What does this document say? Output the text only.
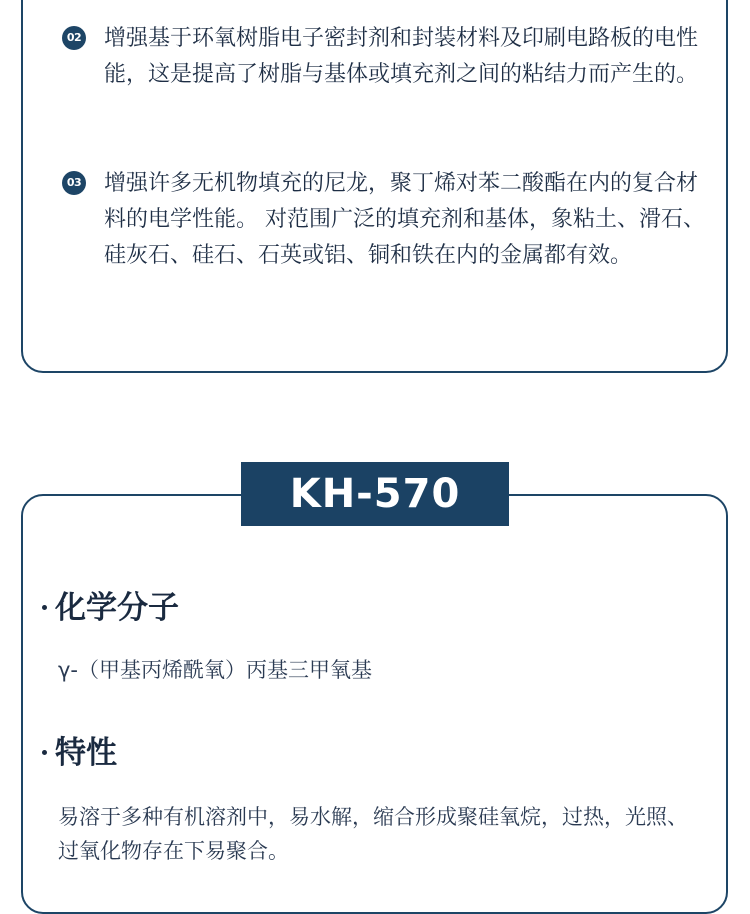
02 增强基于环氧树脂电子密封剂和封装材料及印刷电路板的电性能，这是提高了树脂与基体或填充剂之间的粘结力而产生的。
03 增强许多无机物填充的尼龙，聚丁烯对苯二酸酯在内的复合材料的电学性能。 对范围广泛的填充剂和基体，象粘土、滑石、硅灰石、硅石、石英或铝、铜和铁在内的金属都有效。
KH-570
化学分子
γ-（甲基丙烯酰氧）丙基三甲氧基
特性
易溶于多种有机溶剂中，易水解，缩合形成聚硅氧烷，过热，光照、过氧化物存在下易聚合。
